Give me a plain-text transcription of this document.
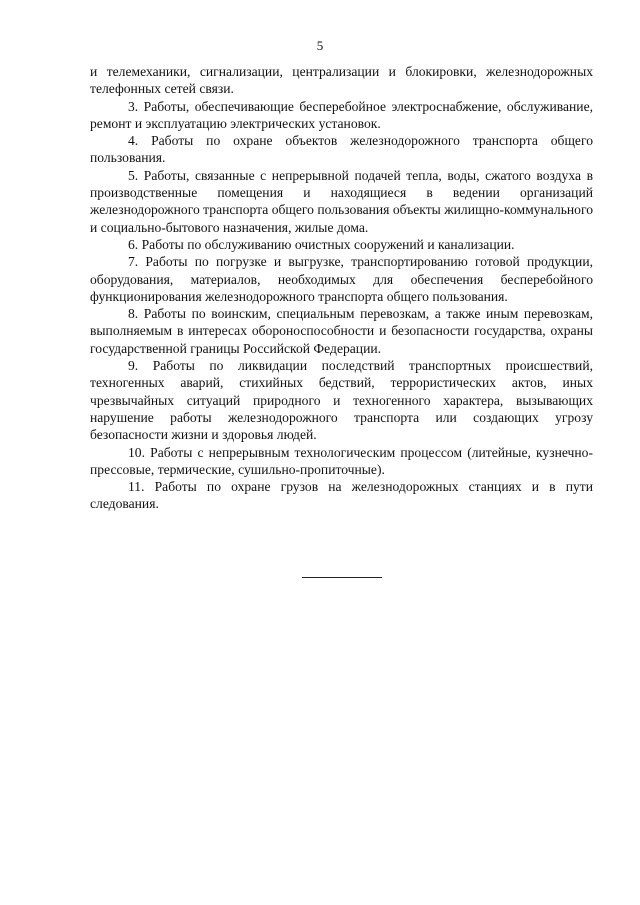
5

и телемеханики, сигнализации, централизации и блокировки, железнодорожных телефонных сетей связи.

3. Работы, обеспечивающие бесперебойное электроснабжение, обслуживание, ремонт и эксплуатацию электрических установок.

4. Работы по охране объектов железнодорожного транспорта общего пользования.

5. Работы, связанные с непрерывной подачей тепла, воды, сжатого воздуха в производственные помещения и находящиеся в ведении организаций железнодорожного транспорта общего пользования объекты жилищно-коммунального и социально-бытового назначения, жилые дома.

6. Работы по обслуживанию очистных сооружений и канализации.

7. Работы по погрузке и выгрузке, транспортированию готовой продукции, оборудования, материалов, необходимых для обеспечения бесперебойного функционирования железнодорожного транспорта общего пользования.

8. Работы по воинским, специальным перевозкам, а также иным перевозкам, выполняемым в интересах обороноспособности и безопасности государства, охраны государственной границы Российской Федерации.

9. Работы по ликвидации последствий транспортных происшествий, техногенных аварий, стихийных бедствий, террористических актов, иных чрезвычайных ситуаций природного и техногенного характера, вызывающих нарушение работы железнодорожного транспорта или создающих угрозу безопасности жизни и здоровья людей.

10. Работы с непрерывным технологическим процессом (литейные, кузнечно-прессовые, термические, сушильно-пропиточные).

11. Работы по охране грузов на железнодорожных станциях и в пути следования.
